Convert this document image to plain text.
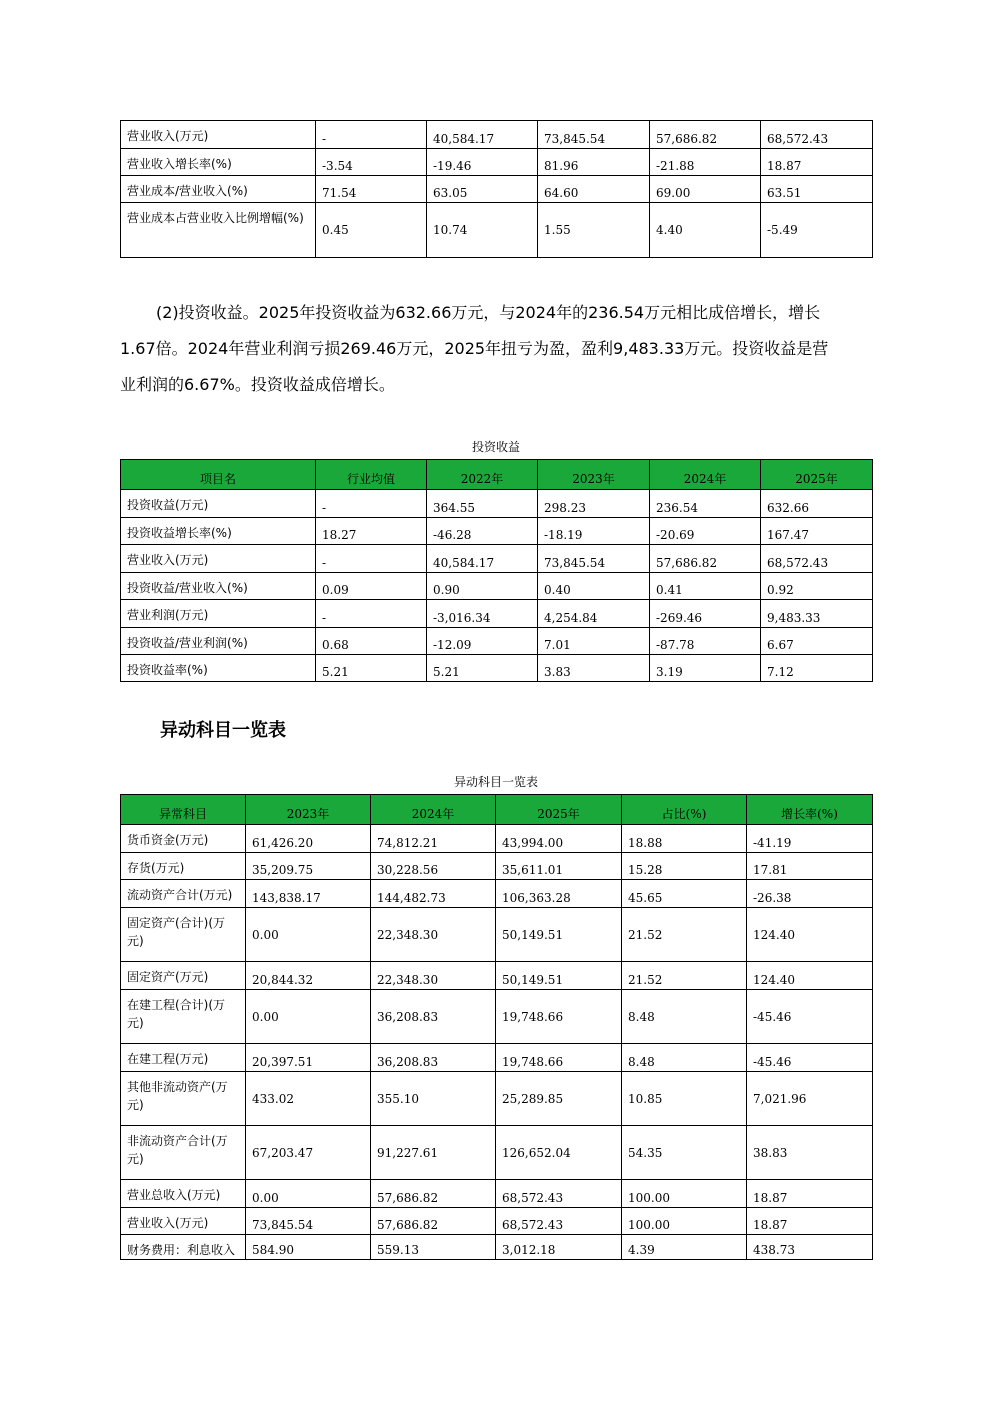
营业收入(万元)	-	40,584.17	73,845.54	57,686.82	68,572.43
营业收入增长率(%)	-3.54	-19.46	81.96	-21.88	18.87
营业成本/营业收入(%)	71.54	63.05	64.60	69.00	63.51
营业成本占营业收入比例增幅(%)	0.45	10.74	1.55	4.40	-5.49
(2)投资收益。2025年投资收益为632.66万元，与2024年的236.54万元相比成倍增长，增长
1.67倍。2024年营业利润亏损269.46万元，2025年扭亏为盈，盈利9,483.33万元。投资收益是营
业利润的6.67%。投资收益成倍增长。
投资收益
项目名	行业均值	2022年	2023年	2024年	2025年
投资收益(万元)	-	364.55	298.23	236.54	632.66
投资收益增长率(%)	18.27	-46.28	-18.19	-20.69	167.47
营业收入(万元)	-	40,584.17	73,845.54	57,686.82	68,572.43
投资收益/营业收入(%)	0.09	0.90	0.40	0.41	0.92
营业利润(万元)	-	-3,016.34	4,254.84	-269.46	9,483.33
投资收益/营业利润(%)	0.68	-12.09	7.01	-87.78	6.67
投资收益率(%)	5.21	5.21	3.83	3.19	7.12
异动科目一览表
异动科目一览表
异常科目	2023年	2024年	2025年	占比(%)	增长率(%)
货币资金(万元)	61,426.20	74,812.21	43,994.00	18.88	-41.19
存货(万元)	35,209.75	30,228.56	35,611.01	15.28	17.81
流动资产合计(万元)	143,838.17	144,482.73	106,363.28	45.65	-26.38
固定资产(合计)(万元)	0.00	22,348.30	50,149.51	21.52	124.40
固定资产(万元)	20,844.32	22,348.30	50,149.51	21.52	124.40
在建工程(合计)(万元)	0.00	36,208.83	19,748.66	8.48	-45.46
在建工程(万元)	20,397.51	36,208.83	19,748.66	8.48	-45.46
其他非流动资产(万元)	433.02	355.10	25,289.85	10.85	7,021.96
非流动资产合计(万元)	67,203.47	91,227.61	126,652.04	54.35	38.83
营业总收入(万元)	0.00	57,686.82	68,572.43	100.00	18.87
营业收入(万元)	73,845.54	57,686.82	68,572.43	100.00	18.87
财务费用：利息收入	584.90	559.13	3,012.18	4.39	438.73
